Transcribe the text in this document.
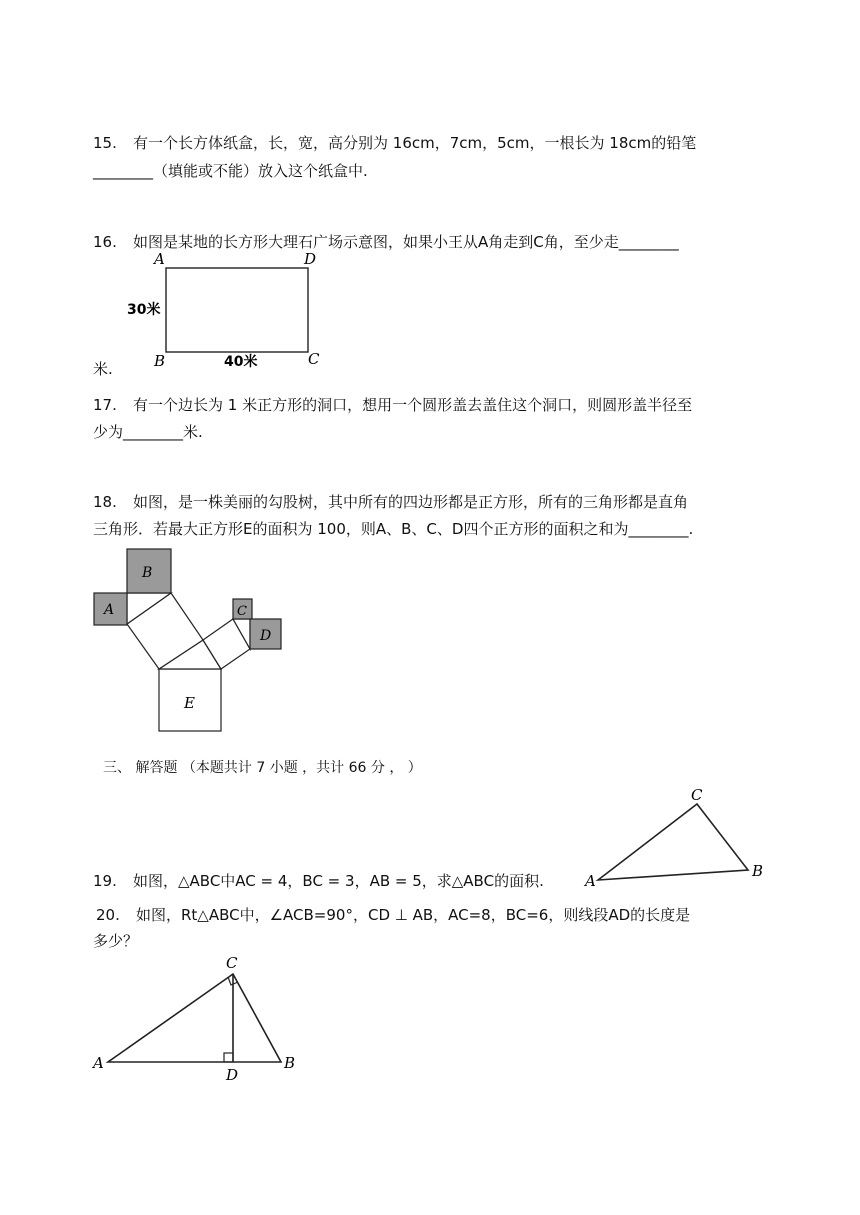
15. 有一个长方体纸盒，长，宽，高分别为 16cm，7cm，5cm，一根长为 18cm的铅笔
________（填能或不能）放入这个纸盒中.
16. 如图是某地的长方形大理石广场示意图，如果小王从A角走到C角，至少走________
A	D
B	C
30米
40米
米.
17. 有一个边长为 1 米正方形的洞口，想用一个圆形盖去盖住这个洞口，则圆形盖半径至
少为________米.
18. 如图，是一株美丽的勾股树，其中所有的四边形都是正方形，所有的三角形都是直角
三角形．若最大正方形E的面积为 100，则A、B、C、D四个正方形的面积之和为________.
A
B
C
D
E
三、 解答题 （本题共计 7 小题 ，共计 66 分 ， ）
A
B
C
19. 如图，△ABC中AC = 4，BC = 3，AB = 5，求△ABC的面积.
20. 如图，Rt△ABC中，∠ACB=90°，CD ⊥ AB，AC=8，BC=6，则线段AD的长度是
多少？
A	B
C
D
